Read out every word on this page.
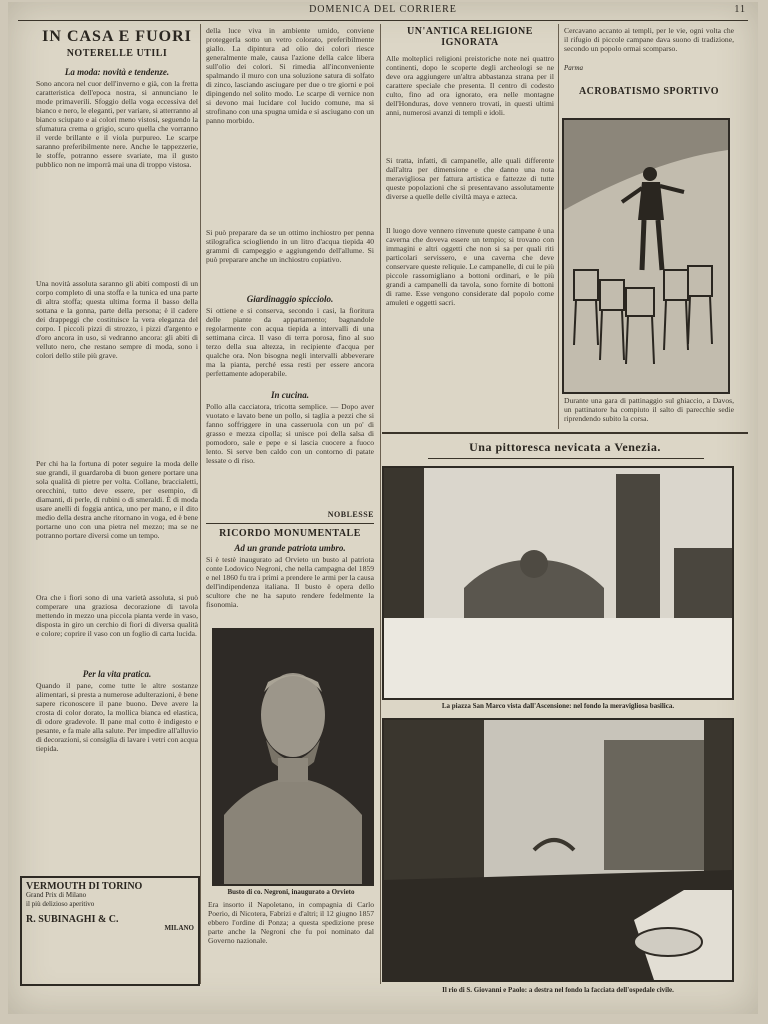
DOMENICA DEL CORRIERE	11
IN CASA E FUORI
NOTERELLE UTILI
La moda: novità e tendenze.
Sono ancora nel cuor dell'inverno e già, con la fretta caratteristica dell'epoca nostra, si annunciano le mode primaverili. Sfoggio della voga eccessiva del bianco e nero, le eleganti, per variare, si atterranno al bianco sciupato e ai colori meno vistosi, seguendo la sfumatura crema o grigio, scuro quella che vorranno il verde brillante e il viola purpureo. Le scarpe saranno preferibilmente nere. Anche le tappezzerie, le stoffe, potranno essere svariate, ma il gusto pubblico non ne imporrà mai una di troppo vistosa.
Una novità assoluta saranno gli abiti composti di un corpo completo di una stoffa e la tunica ed una parte di altra stoffa; questa ultima forma il basso della sottana e la gonna, parte della persona; è il cadere dei drappeggi che costituisce la vera eleganza del corpo. I piccoli pizzi di strozzo, i pizzi d'argento e d'oro ancora in uso, si vedranno ancora: gli abiti di velluto nero, che restano sempre di moda, sono i colori dello stile più grave.
Per chi ha la fortuna di poter seguire la moda delle sue grandi, il guardaroba di buon genere portare una sola qualità di pietre per volta. Collane, braccialetti, orecchini, tutto deve essere, per esempio, di diamanti, di perle, di rubini o di smeraldi. È di moda usare anelli di foggia antica, uno per mano, e il dito medio della destra anche ritornano in voga, ed è bene portarne uno con una pietra nel mezzo; ma se ne potranno portare diversi come un tempo.
Ora che i fiori sono di una varietà assoluta, si può comperare una graziosa decorazione di tavola mettendo in mezzo una piccola pianta verde in vaso, disposta in giro un cerchio di fiori di diversa qualità e colore; coprire il vaso con un foglio di carta lucida.
Per la vita pratica.
Quando il pane, come tutte le altre sostanze alimentari, si presta a numerose adulterazioni, è bene sapere riconoscere il pane buono. Deve avere la crosta di color dorato, la mollica bianca ed elastica, di odore gradevole. Il pane mal cotto è indigesto e pesante, e fa male alla salute. Per impedire all'alluvio di decorazioni, si consiglia di lavare i vetri con acqua tiepida.
VERMOUTH DI TORINO
Grand Prix di Milano
il più delizioso aperitivo
R. SUBINAGHI & C.
MILANO
della luce viva in ambiente umido, conviene proteggerla sotto un vetro colorato, preferibilmente giallo. La dipintura ad olio dei colori riesce generalmente male, causa l'azione della calce libera sull'olio dei colori. Si rimedia all'inconveniente spalmando il muro con una soluzione satura di solfato di zinco, lasciando asciugare per due o tre giorni e poi dipingendo nel solito modo. Le scarpe di vernice non si devono mai lucidare col lucido comune, ma si strofinano con una spugna umida e si asciugano con un panno morbido.
Si può preparare da se un ottimo inchiostro per penna stilografica sciogliendo in un litro d'acqua tiepida 40 grammi di campeggio e aggiungendo dell'allume. Si può preparare anche un inchiostro copiativo.
Giardinaggio spicciolo.
Si ottiene e si conserva, secondo i casi, la fioritura delle piante da appartamento; bagnandole regolarmente con acqua tiepida a intervalli di una settimana circa. Il vaso di terra porosa, fino al suo terzo della sua altezza, in recipiente d'acqua per qualche ora. Non bisogna negli intervalli abbeverare ma la pianta, perché essa resti per essere ancora perfettamente adoperabile.
In cucina.
Pollo alla cacciatora, tricotta semplice. — Dopo aver vuotato e lavato bene un pollo, si taglia a pezzi che si fanno soffriggere in una casseruola con un po' di grasso e mezza cipolla; si unisce poi della salsa di pomodoro, sale e pepe e si lascia cuocere a fuoco lento. Si serve ben caldo con un contorno di patate lessate o di riso.
NOBLESSE
RICORDO MONUMENTALE
Ad un grande patriota umbro.
Si è testè inaugurato ad Orvieto un busto al patriota conte Lodovico Negroni, che nella campagna del 1859 e nel 1860 fu tra i primi a prendere le armi per la causa dell'indipendenza italiana. Il busto è opera dello scultore che ne ha saputo rendere fedelmente la fisonomia.
Busto di co. Negroni, inaugurato a Orvieto
Era insorto il Napoletano, in compagnia di Carlo Poerio, di Nicotera, Fabrizi e d'altri; il 12 giugno 1857 ebbero l'ordine di Ponza; a questa spedizione prese parte anche la Negroni che fu poi nominato dal Governo nazionale.
UN'ANTICA RELIGIONE IGNORATA
Alle molteplici religioni preistoriche note nei quattro continenti, dopo le scoperte degli archeologi se ne deve ora aggiungere un'altra abbastanza strana per il carattere speciale che presenta. Il centro di codesto culto, fino ad ora ignorato, era nelle montagne dell'Honduras, dove vennero trovati, in questi ultimi anni, numerosi avanzi di templi e idoli.
Si tratta, infatti, di campanelle, alle quali differente dall'altra per dimensione e che danno una nota meravigliosa per fattura artistica e fattezze di tutte queste popolazioni che si presentavano assolutamente diverse a quelle delle civiltà maya e azteca.
Il luogo dove vennero rinvenute queste campane è una caverna che doveva essere un tempio; si trovano con immagini e altri oggetti che non si sa per quali riti particolari servissero, e una caverna che deve conservare queste reliquie. Le campanelle, di cui le più piccole rassomigliano a bottoni ordinari, e le più grandi a campanelli da tavola, sono fornite di bottoni di rame. Esse vengono considerate dal popolo come amuleti e oggetti sacri.
Cercavano accanto ai templi, per le vie, ogni volta che il rifugio di piccole campane dava suono di tradizione, secondo un popolo ormai scomparso.
Parma
ACROBATISMO SPORTIVO
Durante una gara di pattinaggio sul ghiaccio, a Davos, un pattinatore ha compiuto il salto di parecchie sedie riprendendo subito la corsa.
Una pittoresca nevicata a Venezia.
La piazza San Marco vista dall'Ascensione: nel fondo la meravigliosa basilica.
Il rio di S. Giovanni e Paolo: a destra nel fondo la facciata dell'ospedale civile.
